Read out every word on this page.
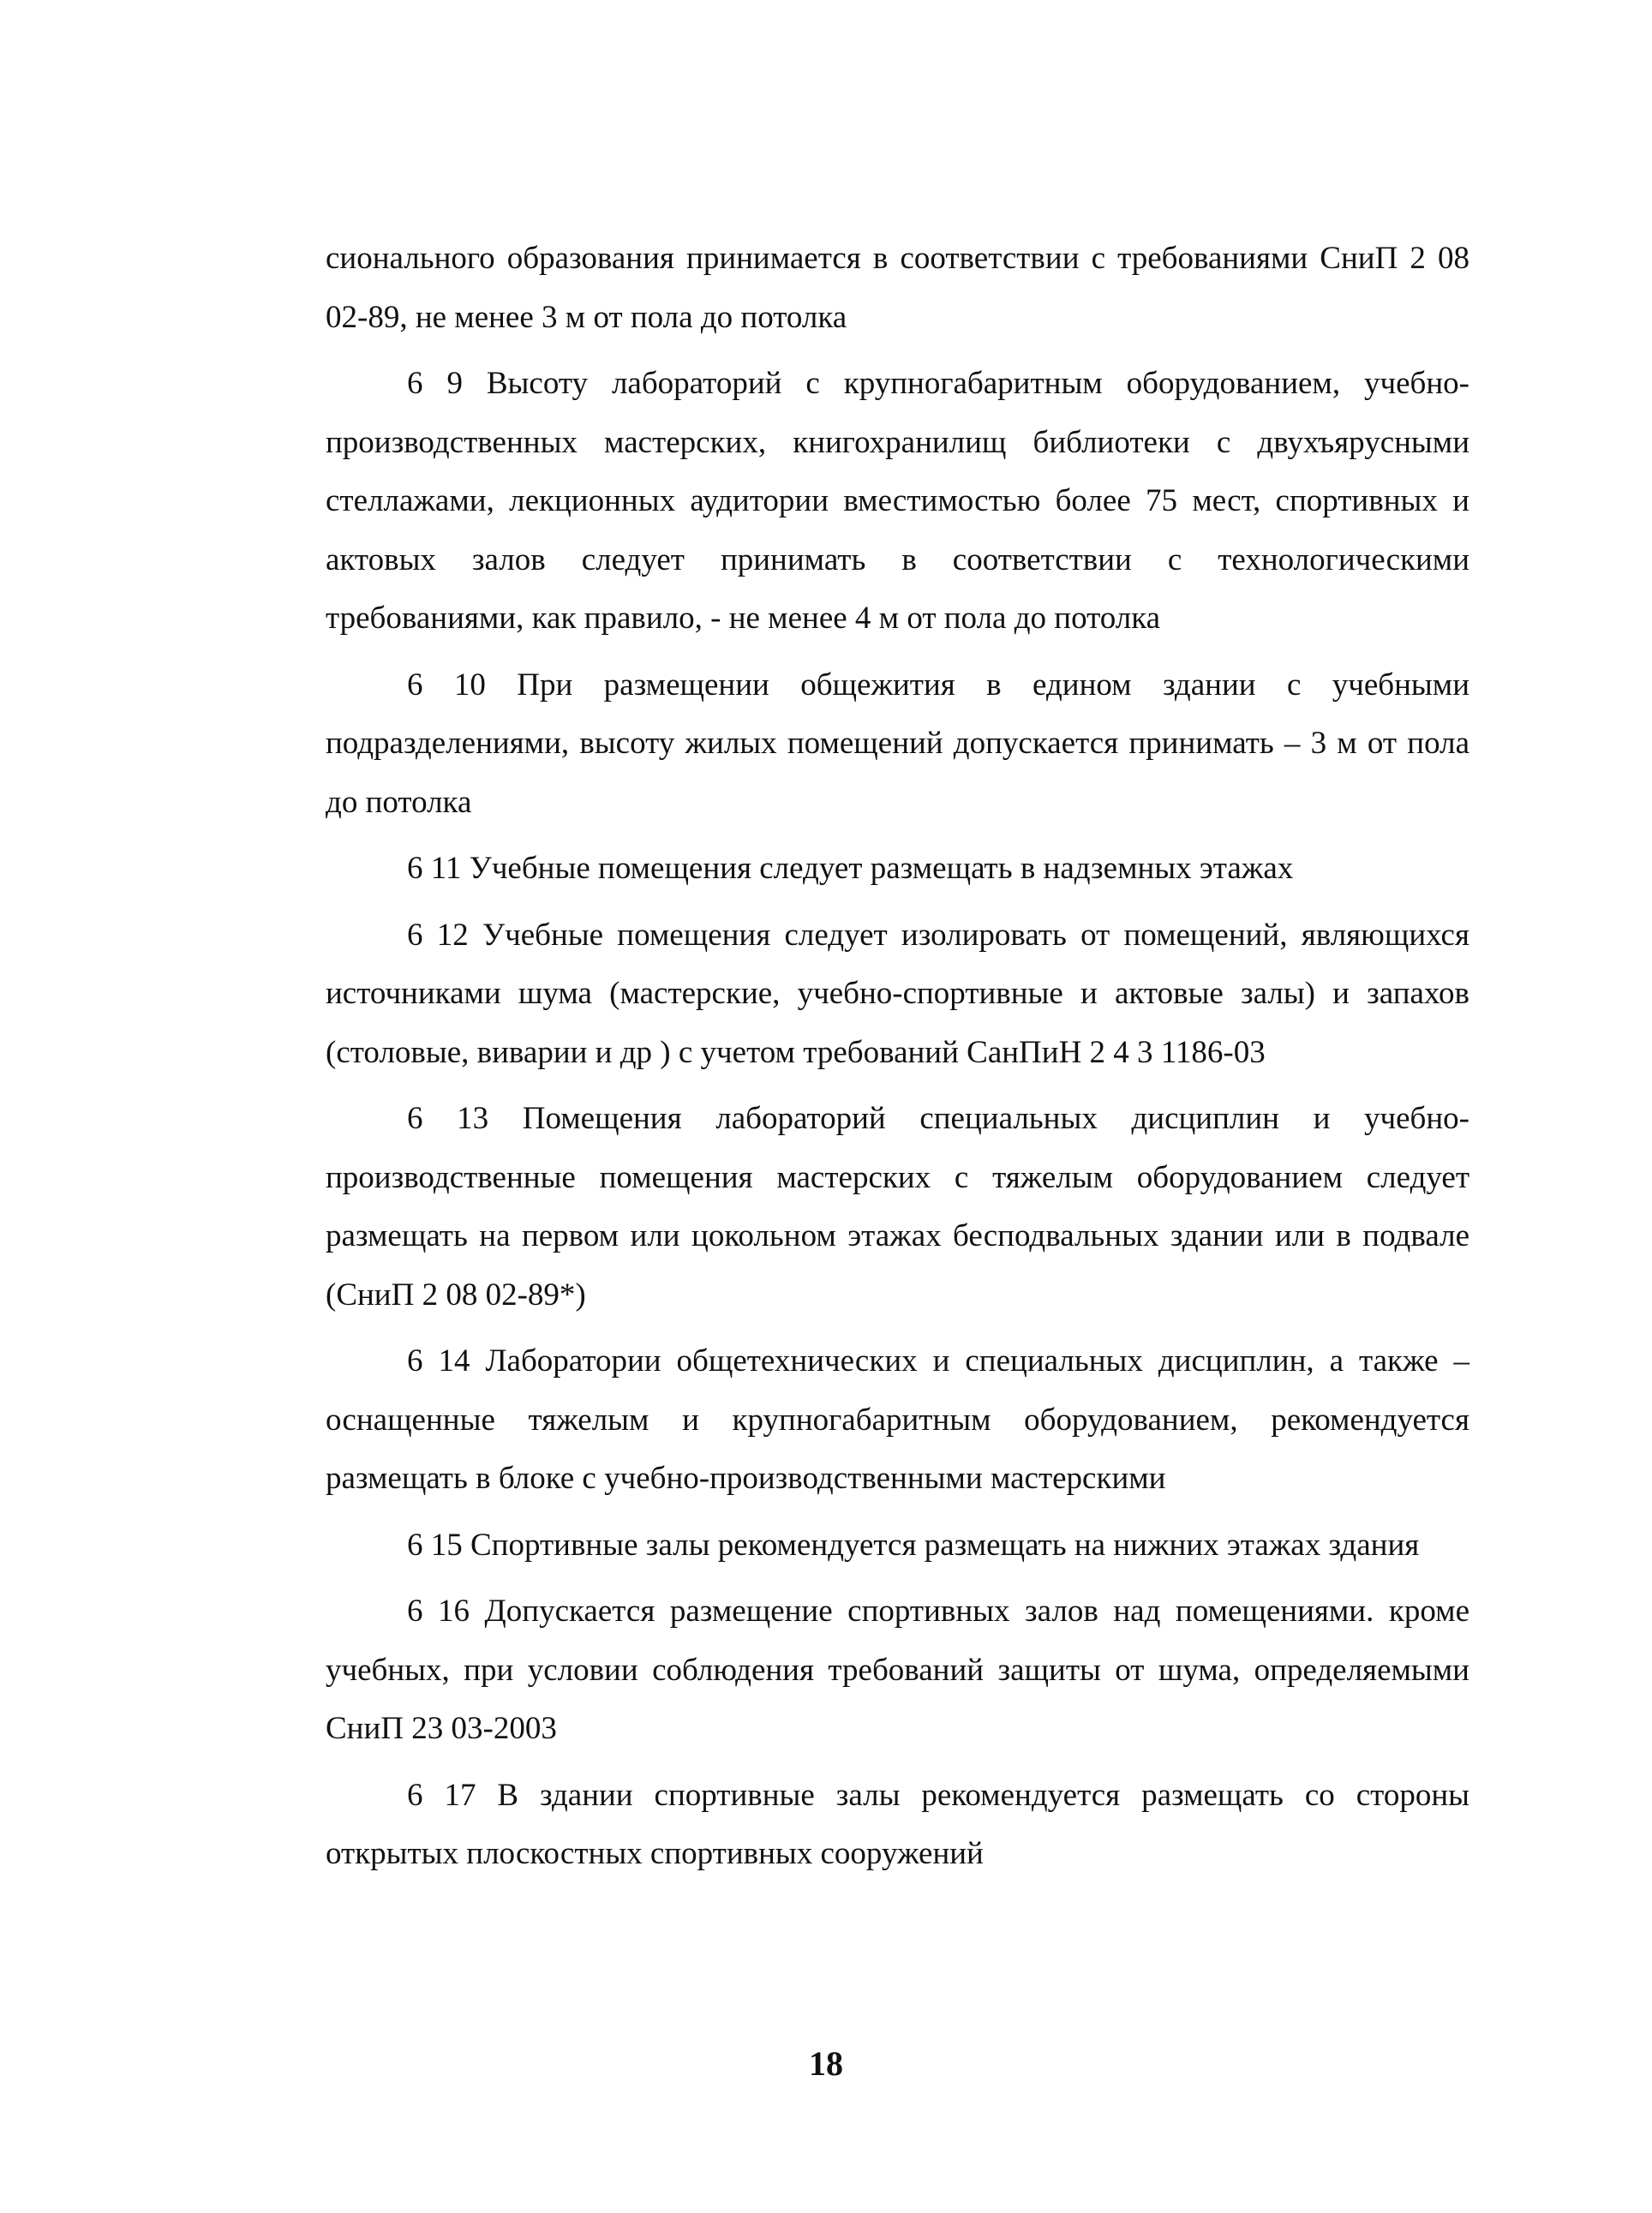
сионального образования принимается в соответствии с требованиями СниП 2 08 02-89, не менее 3 м от пола до потолка

6 9 Высоту лабораторий с крупногабаритным оборудованием, учебно-производственных мастерских, книгохранилищ библиотеки с двухъярусными стеллажами, лекционных аудитории вместимостью более 75 мест, спортивных и актовых залов следует принимать в соответствии с технологическими требованиями, как правило, - не менее 4 м от пола до потолка

6 10 При размещении общежития в едином здании с учебными подразделениями, высоту жилых помещений допускается принимать – 3 м от пола до потолка

6 11 Учебные помещения следует размещать в надземных этажах

6 12 Учебные помещения следует изолировать от помещений, являющихся источниками шума (мастерские, учебно-спортивные и актовые залы) и запахов (столовые, виварии и др ) с учетом требований СанПиН 2 4 3 1186-03

6 13 Помещения лабораторий специальных дисциплин и учебно-производственные помещения мастерских с тяжелым оборудованием следует размещать на первом или цокольном этажах бесподвальных здании или в подвале (СниП 2 08 02-89*)

6 14 Лаборатории общетехнических и специальных дисциплин, а также – оснащенные тяжелым и крупногабаритным оборудованием, рекомендуется размещать в блоке с учебно-производственными мастерскими

6 15 Спортивные залы рекомендуется размещать на нижних этажах здания

6 16 Допускается размещение спортивных залов над помещениями. кроме учебных, при условии соблюдения требований защиты от шума, определяемыми СниП 23 03-2003

6 17 В здании спортивные залы рекомендуется размещать со стороны открытых плоскостных спортивных сооружений

18
